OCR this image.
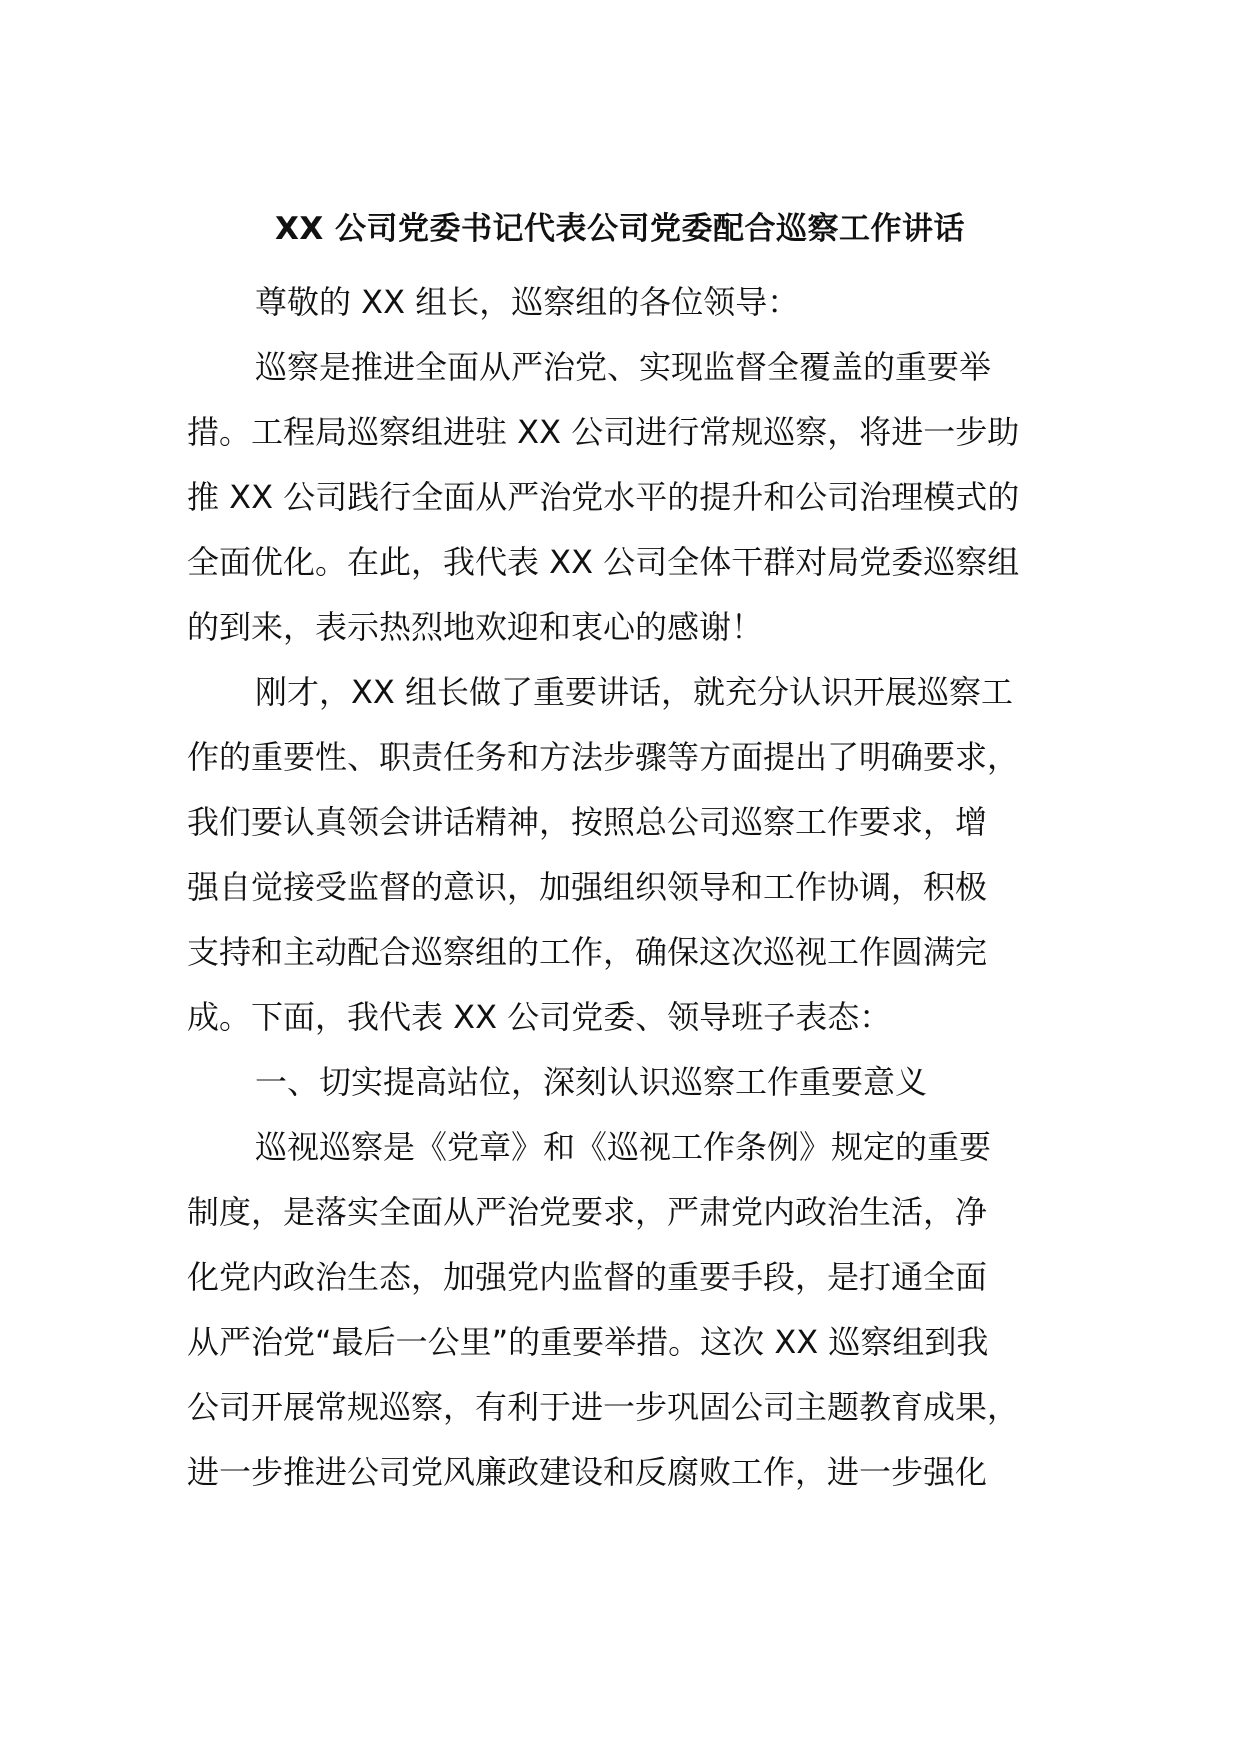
XX 公司党委书记代表公司党委配合巡察工作讲话

尊敬的 XX 组长，巡察组的各位领导：

巡察是推进全面从严治党、实现监督全覆盖的重要举

措。工程局巡察组进驻 XX 公司进行常规巡察，将进一步助

推 XX 公司践行全面从严治党水平的提升和公司治理模式的

全面优化。在此，我代表 XX 公司全体干群对局党委巡察组

的到来，表示热烈地欢迎和衷心的感谢！

刚才，XX 组长做了重要讲话，就充分认识开展巡察工

作的重要性、职责任务和方法步骤等方面提出了明确要求，

我们要认真领会讲话精神，按照总公司巡察工作要求，增

强自觉接受监督的意识，加强组织领导和工作协调，积极

支持和主动配合巡察组的工作，确保这次巡视工作圆满完

成。下面，我代表 XX 公司党委、领导班子表态：

一、切实提高站位，深刻认识巡察工作重要意义

巡视巡察是《党章》和《巡视工作条例》规定的重要

制度，是落实全面从严治党要求，严肃党内政治生活，净

化党内政治生态，加强党内监督的重要手段，是打通全面

从严治党“最后一公里”的重要举措。这次 XX 巡察组到我

公司开展常规巡察，有利于进一步巩固公司主题教育成果，

进一步推进公司党风廉政建设和反腐败工作，进一步强化
